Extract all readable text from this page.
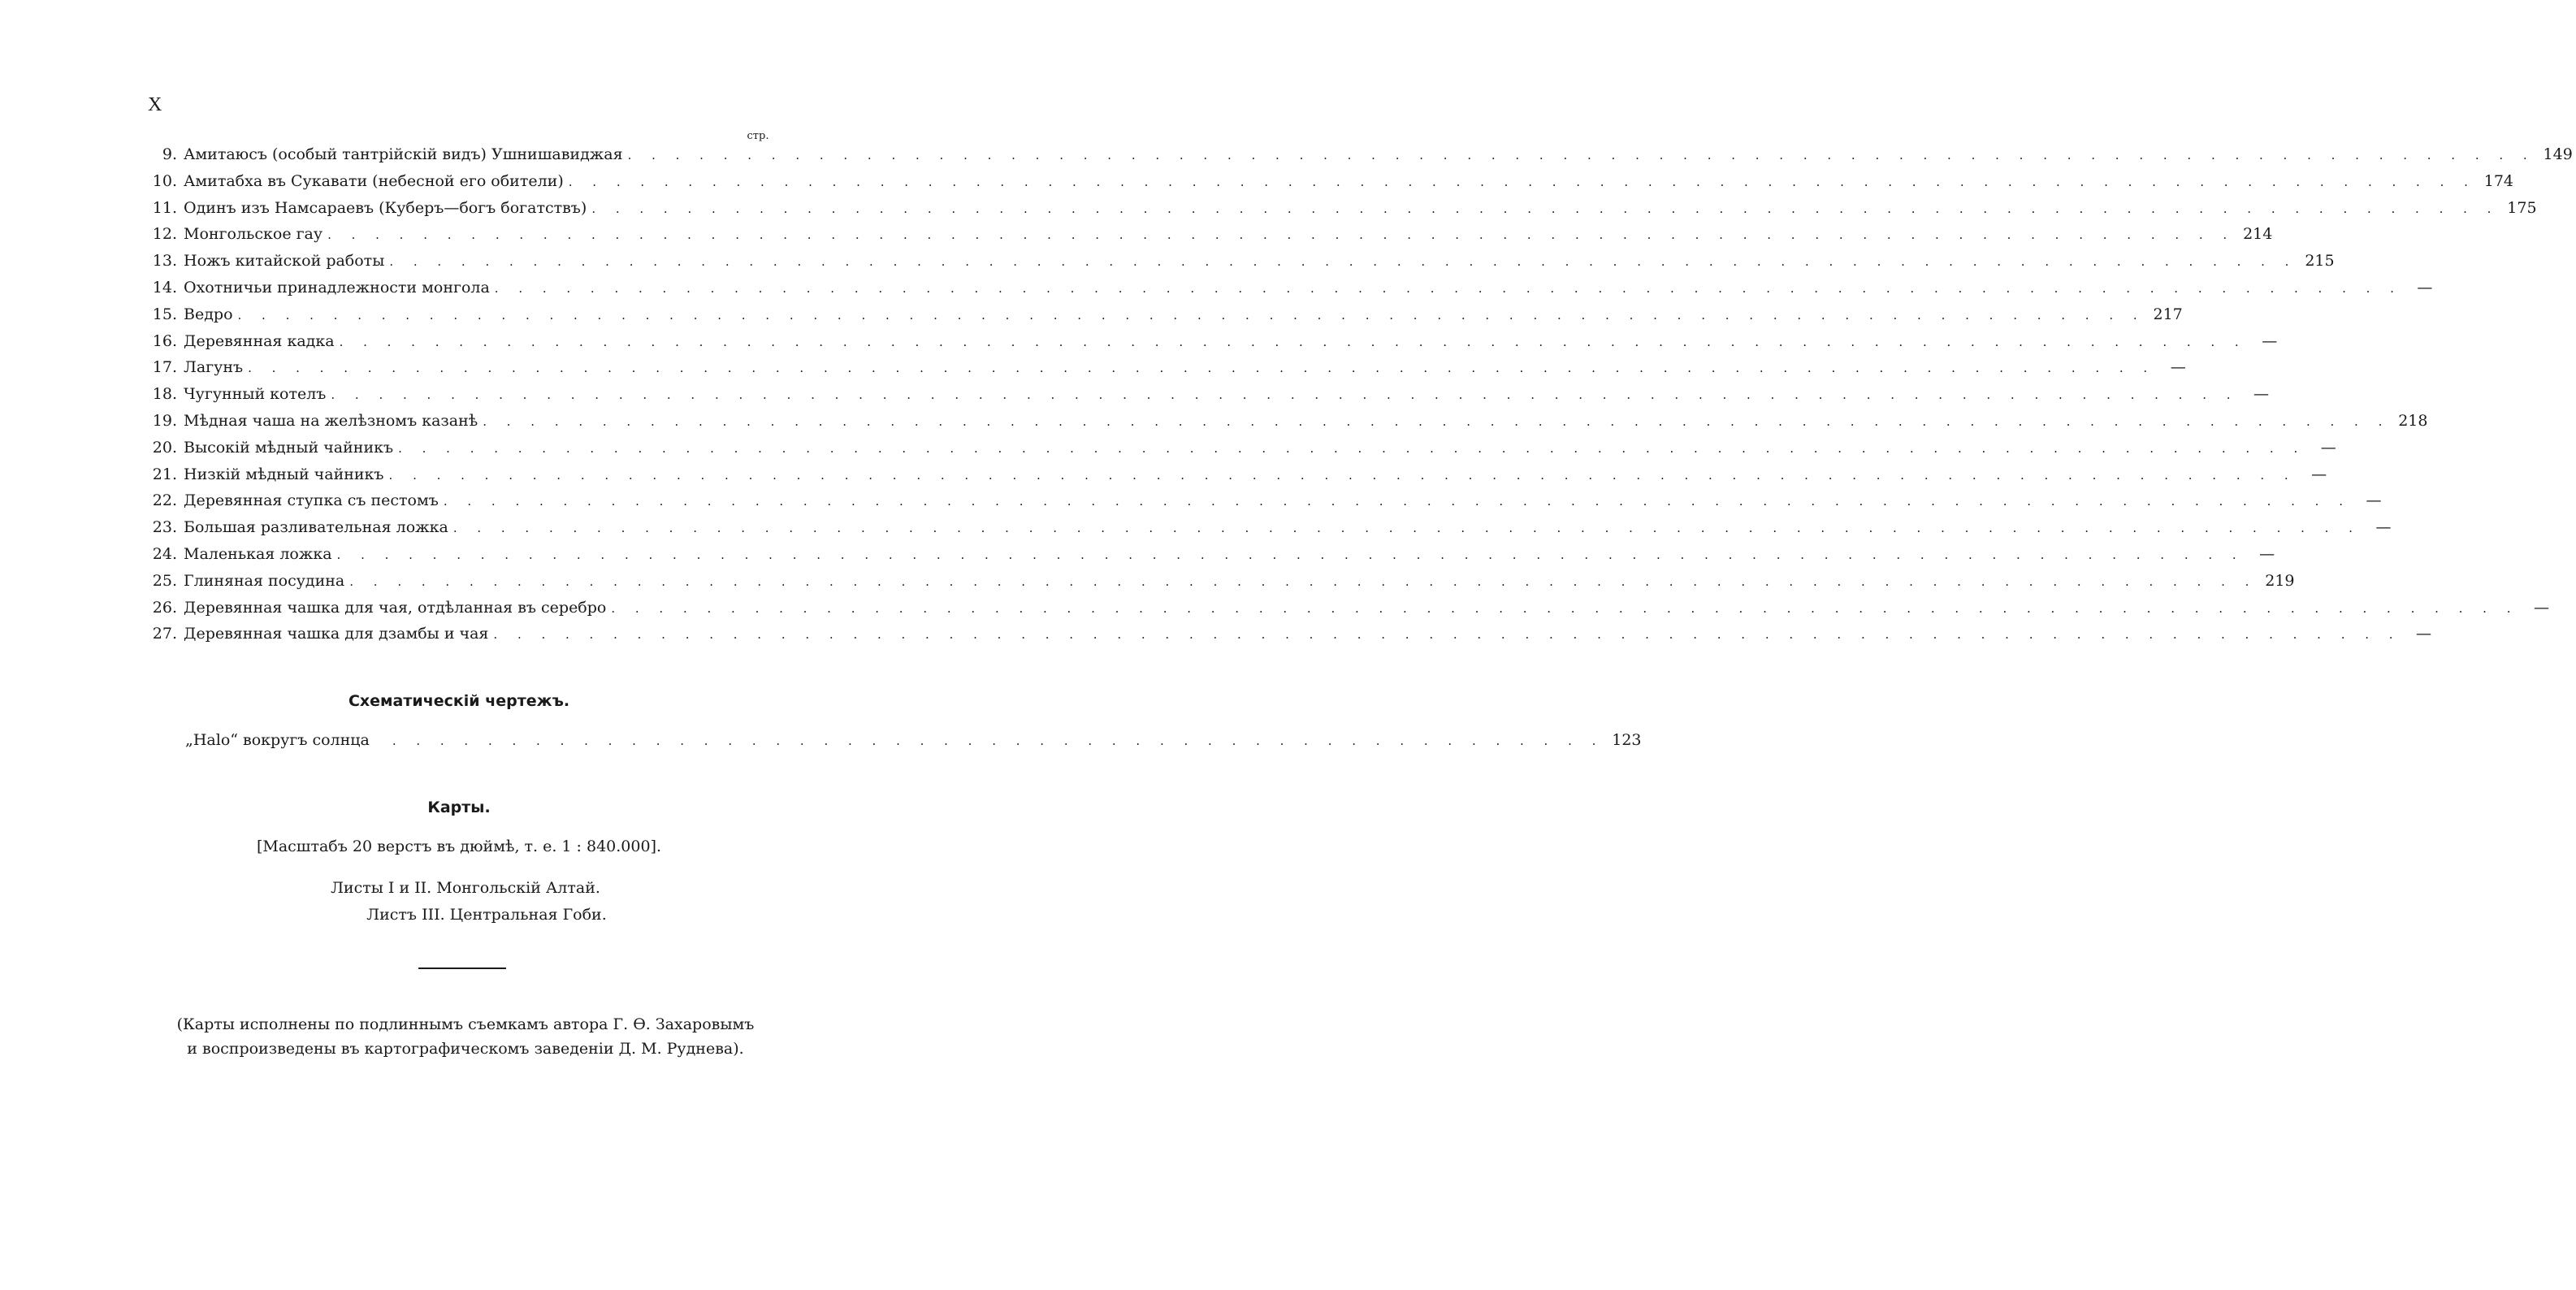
X
стр.
9. Амитаюсъ (особый тантрійскій видъ) Ушнишавиджая . . . . . . . . . . . . . . . . . . . . . . . . . . . . . . . . . . . . . . . . . . . . . . . . . . . . . . . . . . . . . . . . . . . . . . . . . . . . . . . . 149
10. Амитабха въ Сукавати (небесной его обители) . . . . . . . . . . . . . . . . . . . . . . . . . . . . . . . . . . . . . . . . . . . . . . . . . . . . . . . . . . . . . . . . . . . . . . . . . . . . . . . . 174
11. Одинъ изъ Намсараевъ (Куберъ—богъ богатствъ) . . . . . . . . . . . . . . . . . . . . . . . . . . . . . . . . . . . . . . . . . . . . . . . . . . . . . . . . . . . . . . . . . . . . . . . . . . . . . . . . 175
12. Монгольское гау . . . . . . . . . . . . . . . . . . . . . . . . . . . . . . . . . . . . . . . . . . . . . . . . . . . . . . . . . . . . . . . . . . . . . . . . . . . . . . . . 214
13. Ножъ китайской работы . . . . . . . . . . . . . . . . . . . . . . . . . . . . . . . . . . . . . . . . . . . . . . . . . . . . . . . . . . . . . . . . . . . . . . . . . . . . . . . . 215
14. Охотничьи принадлежности монгола . . . . . . . . . . . . . . . . . . . . . . . . . . . . . . . . . . . . . . . . . . . . . . . . . . . . . . . . . . . . . . . . . . . . . . . . . . . . . . . . —
15. Ведро . . . . . . . . . . . . . . . . . . . . . . . . . . . . . . . . . . . . . . . . . . . . . . . . . . . . . . . . . . . . . . . . . . . . . . . . . . . . . . . . 217
16. Деревянная кадка . . . . . . . . . . . . . . . . . . . . . . . . . . . . . . . . . . . . . . . . . . . . . . . . . . . . . . . . . . . . . . . . . . . . . . . . . . . . . . . . —
17. Лагунъ . . . . . . . . . . . . . . . . . . . . . . . . . . . . . . . . . . . . . . . . . . . . . . . . . . . . . . . . . . . . . . . . . . . . . . . . . . . . . . . . —
18. Чугунный котелъ . . . . . . . . . . . . . . . . . . . . . . . . . . . . . . . . . . . . . . . . . . . . . . . . . . . . . . . . . . . . . . . . . . . . . . . . . . . . . . . . —
19. Мѣдная чаша на желѣзномъ казанѣ . . . . . . . . . . . . . . . . . . . . . . . . . . . . . . . . . . . . . . . . . . . . . . . . . . . . . . . . . . . . . . . . . . . . . . . . . . . . . . . . 218
20. Высокій мѣдный чайникъ . . . . . . . . . . . . . . . . . . . . . . . . . . . . . . . . . . . . . . . . . . . . . . . . . . . . . . . . . . . . . . . . . . . . . . . . . . . . . . . . —
21. Низкій мѣдный чайникъ . . . . . . . . . . . . . . . . . . . . . . . . . . . . . . . . . . . . . . . . . . . . . . . . . . . . . . . . . . . . . . . . . . . . . . . . . . . . . . . . —
22. Деревянная ступка съ пестомъ . . . . . . . . . . . . . . . . . . . . . . . . . . . . . . . . . . . . . . . . . . . . . . . . . . . . . . . . . . . . . . . . . . . . . . . . . . . . . . . . —
23. Большая разливательная ложка . . . . . . . . . . . . . . . . . . . . . . . . . . . . . . . . . . . . . . . . . . . . . . . . . . . . . . . . . . . . . . . . . . . . . . . . . . . . . . . . —
24. Маленькая ложка . . . . . . . . . . . . . . . . . . . . . . . . . . . . . . . . . . . . . . . . . . . . . . . . . . . . . . . . . . . . . . . . . . . . . . . . . . . . . . . . —
25. Глиняная посудина . . . . . . . . . . . . . . . . . . . . . . . . . . . . . . . . . . . . . . . . . . . . . . . . . . . . . . . . . . . . . . . . . . . . . . . . . . . . . . . . 219
26. Деревянная чашка для чая, отдѣланная въ серебро . . . . . . . . . . . . . . . . . . . . . . . . . . . . . . . . . . . . . . . . . . . . . . . . . . . . . . . . . . . . . . . . . . . . . . . . . . . . . . . . —
27. Деревянная чашка для дзамбы и чая . . . . . . . . . . . . . . . . . . . . . . . . . . . . . . . . . . . . . . . . . . . . . . . . . . . . . . . . . . . . . . . . . . . . . . . . . . . . . . . . —
Схематическій чертежъ.
„Halo“ вокругъ солнца . . . . . . . . . . . . . . . . . . . . . . . . . . . . . . . . . . . . . . . . . . . . . . . . . . . 123
Карты.
[Масштабъ 20 верстъ въ дюймѣ, т. е. 1 : 840.000].
Листы I и II. Монгольскій Алтай.
Листъ III. Центральная Гоби.
(Карты исполнены по подлиннымъ съемкамъ автора Г. Ѳ. Захаровымъ
и воспроизведены въ картографическомъ заведеніи Д. М. Руднева).
